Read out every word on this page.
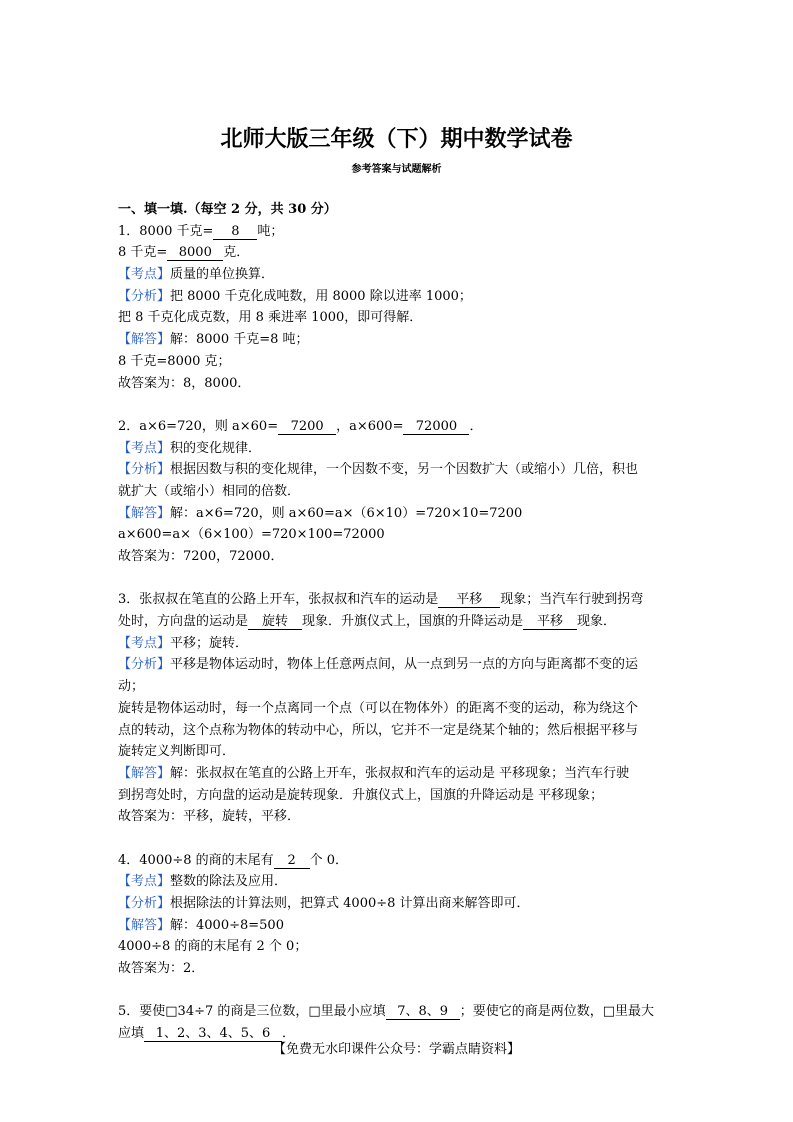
北师大版三年级（下）期中数学试卷
参考答案与试题解析
一、填一填.（每空 2 分，共 30 分）
1．8000 千克= 8 吨；
8 千克= 8000 克．
【考点】质量的单位换算．
【分析】把 8000 千克化成吨数，用 8000 除以进率 1000；
把 8 千克化成克数，用 8 乘进率 1000，即可得解．
【解答】解：8000 千克=8 吨；
8 千克=8000 克；
故答案为：8，8000．
2．a×6=720，则 a×60= 7200 ，a×600= 72000 ．
【考点】积的变化规律．
【分析】根据因数与积的变化规律，一个因数不变，另一个因数扩大（或缩小）几倍，积也
就扩大（或缩小）相同的倍数．
【解答】解：a×6=720，则 a×60=a×（6×10）=720×10=7200
a×600=a×（6×100）=720×100=72000
故答案为：7200，72000．
3．张叔叔在笔直的公路上开车，张叔叔和汽车的运动是 平移 现象；当汽车行驶到拐弯
处时，方向盘的运动是 旋转 现象．升旗仪式上，国旗的升降运动是 平移 现象．
【考点】平移；旋转．
【分析】平移是物体运动时，物体上任意两点间，从一点到另一点的方向与距离都不变的运
动；
旋转是物体运动时，每一个点离同一个点（可以在物体外）的距离不变的运动，称为绕这个
点的转动，这个点称为物体的转动中心，所以，它并不一定是绕某个轴的；然后根据平移与
旋转定义判断即可．
【解答】解：张叔叔在笔直的公路上开车，张叔叔和汽车的运动是 平移现象；当汽车行驶
到拐弯处时，方向盘的运动是旋转现象．升旗仪式上，国旗的升降运动是 平移现象；
故答案为：平移，旋转，平移．
4．4000÷8 的商的末尾有 2 个 0．
【考点】整数的除法及应用．
【分析】根据除法的计算法则，把算式 4000÷8 计算出商来解答即可．
【解答】解：4000÷8=500
4000÷8 的商的末尾有 2 个 0；
故答案为：2．
5．要使□34÷7 的商是三位数，□里最小应填 7、8、9 ；要使它的商是两位数，□里最大
应填 1、2、3、4、5、6 ．
【免费无水印课件公众号：学霸点睛资料】
